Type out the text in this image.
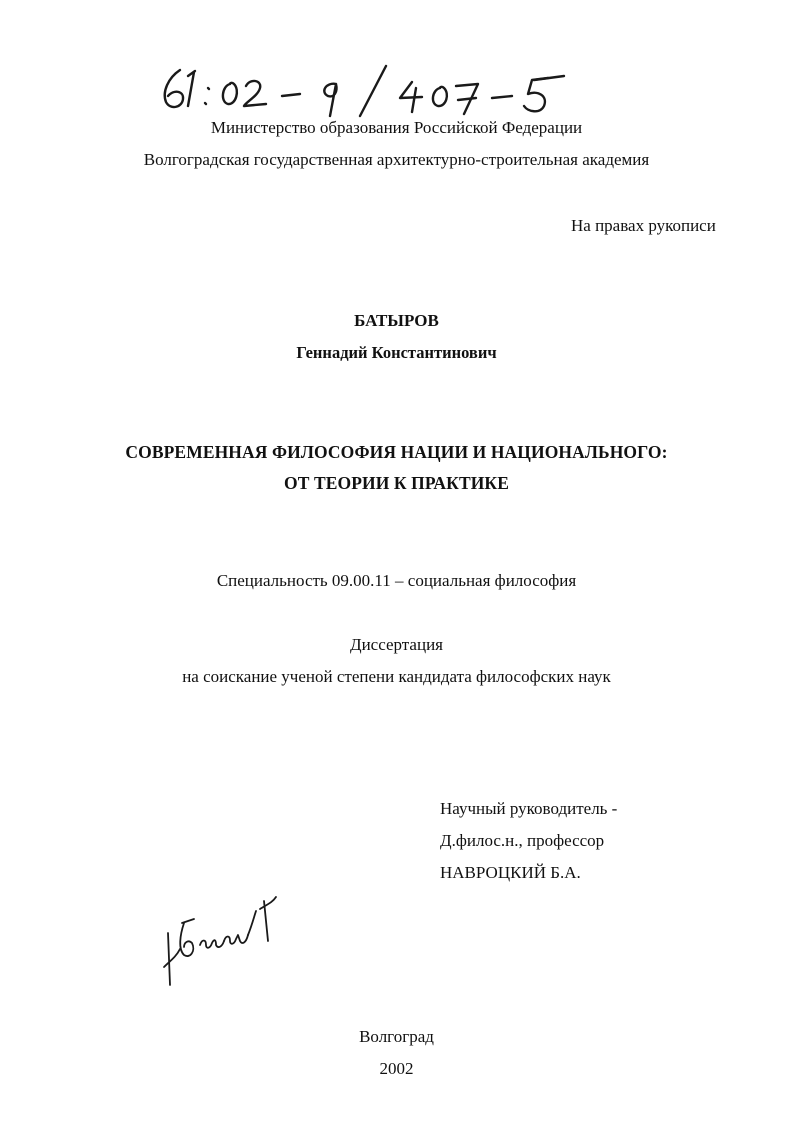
Министерство образования Российской Федерации
Волгоградская государственная архитектурно-строительная академия
На правах рукописи
БАТЫРОВ
Геннадий Константинович
СОВРЕМЕННАЯ ФИЛОСОФИЯ НАЦИИ И НАЦИОНАЛЬНОГО:
ОТ ТЕОРИИ К ПРАКТИКЕ
Специальность 09.00.11 – социальная философия
Диссертация
на соискание ученой степени кандидата философских наук
Научный руководитель -
Д.филос.н., профессор
НАВРОЦКИЙ Б.А.
Волгоград
2002
